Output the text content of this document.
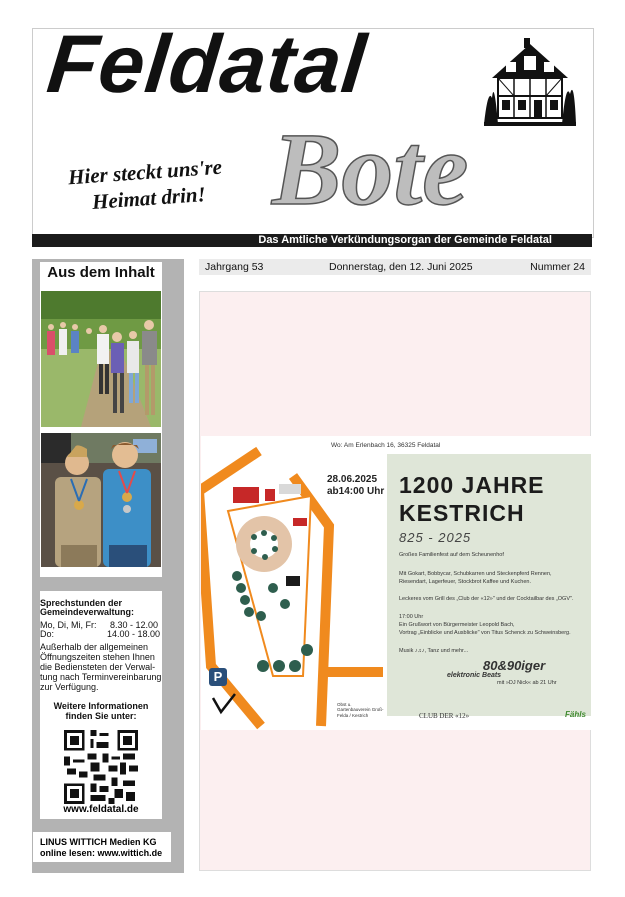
Feldatal
Bote
Hier steckt uns're
Heimat drin!
Das Amtliche Verkündungsorgan der Gemeinde Feldatal
Aus dem Inhalt
Sprechstunden der
Gemeindeverwaltung:
Mo, Di, Mi, Fr: 8.30 - 12.00
Do:	14.00 - 18.00
Außerhalb der allgemeinen
Öffnungszeiten stehen Ihnen
die Bediensteten der Verwal-
tung nach Terminvereinbarung
zur Verfügung.
Weitere Informationen
finden Sie unter:
www.feldatal.de
LINUS WITTICH Medien KG
online lesen: www.wittich.de
Jahrgang 53	Donnerstag, den 12. Juni 2025	Nummer 24
Wo: Am Erlenbach 16, 36325 Feldatal
28.06.2025
ab14:00 Uhr 1200 JAHRE
KESTRICH
825 - 2025
Großes Familienfest auf dem Scheunenhof
Mit Gokart, Bobbycar, Schubkarren und Steckenpferd Rennen,
Riesendart, Lagerfeuer, Stockbrot Kaffee und Kuchen.
Leckeres vom Grill des „Club der «12»" und der Cocktailbar des „OGV".
17:00 Uhr
Ein Grußwort von Bürgermeister Leopold Bach,
Vortrag „Einblicke und Ausblicke" von Titus Schenck zu Schweinsberg.
Musik ♪♫♪, Tanz und mehr...
80&90iger
elektronic Beats
mit »DJ Nick« ab 21 Uhr
P
Obst u. Gartenbauverein Groß-Felda / Kestrich	CLUB DER «12»	Fähls
